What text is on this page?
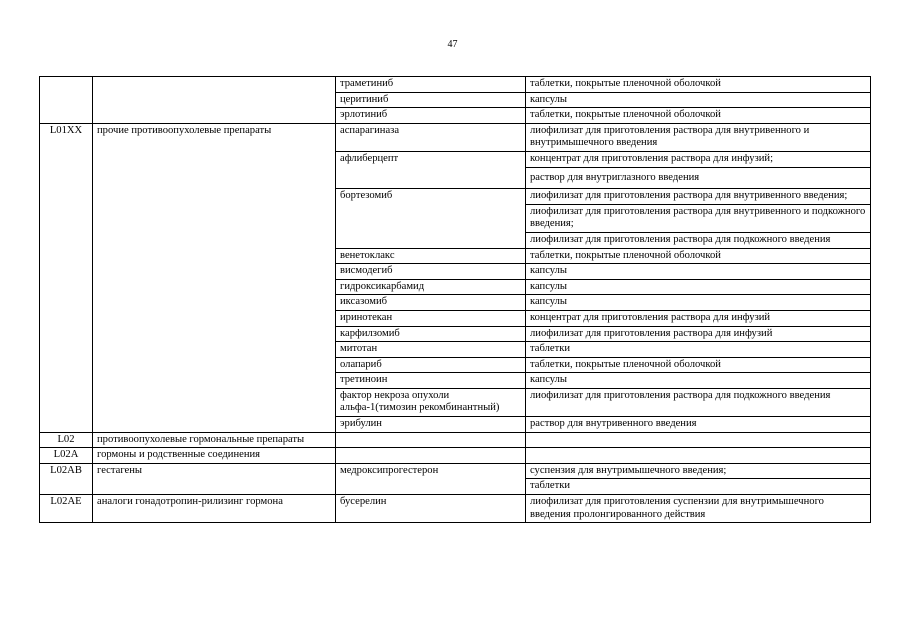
47
		траметиниб	таблетки, покрытые пленочной оболочкой

		церитиниб	капсулы

		эрлотиниб	таблетки, покрытые пленочной оболочкой

L01XX	прочие противоопухолевые препараты	аспарагиназа	лиофилизат для приготовления раствора для внутривенного и внутримышечного введения

		афлиберцепт	концентрат для приготовления раствора для инфузий;
раствор для внутриглазного введения

		бортезомиб	лиофилизат для приготовления раствора для внутривенного введения;
лиофилизат для приготовления раствора для внутривенного и подкожного введения;
лиофилизат для приготовления раствора для подкожного введения

		венетоклакс	таблетки, покрытые пленочной оболочкой

		висмодегиб	капсулы

		гидроксикарбамид	капсулы

		иксазомиб	капсулы

		иринотекан	концентрат для приготовления раствора для инфузий

		карфилзомиб	лиофилизат для приготовления раствора для инфузий

		митотан	таблетки

		олапариб	таблетки, покрытые пленочной оболочкой

		третиноин	капсулы

		фактор некроза опухоли альфа-1(тимозин рекомбинантный)	лиофилизат для приготовления раствора для подкожного введения

		эрибулин	раствор для внутривенного введения

L02	противоопухолевые гормональные препараты		

L02A	гормоны и родственные соединения		

L02AB	гестагены	медроксипрогестерон	суспензия для внутримышечного введения;
таблетки

L02AE	аналоги гонадотропин-рилизинг гормона	бусерелин	лиофилизат для приготовления суспензии для внутримышечного введения пролонгированного действия
